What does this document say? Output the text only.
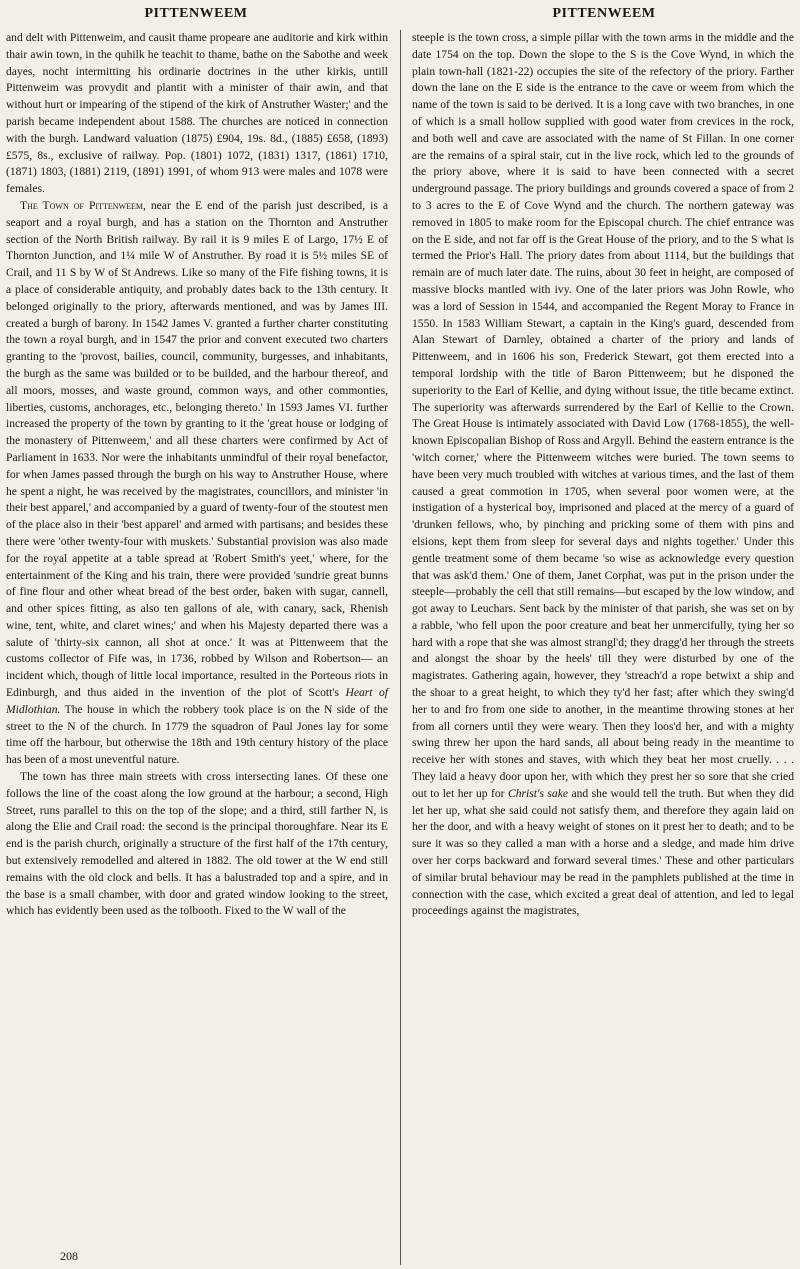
PITTENWEEM	PITTENWEEM

and delt with Pittenweim, and causit thame propeare ane auditorie and kirk within thair awin town, in the quhilk he teachit to thame, bathe on the Sabothe and week dayes, nocht intermitting his ordinarie doctrines in the uther kirkis, untill Pittenweim was provydit and plantit with a minister of thair awin, and that without hurt or impearing of the stipend of the kirk of Anstruther Waster;' and the parish became independent about 1588. The churches are noticed in connection with the burgh. Landward valuation (1875) £904, 19s. 8d., (1885) £658, (1893) £575, 8s., exclusive of railway. Pop. (1801) 1072, (1831) 1317, (1861) 1710, (1871) 1803, (1881) 2119, (1891) 1991, of whom 913 were males and 1078 were females.

The Town of Pittenweem, near the E end of the parish just described, is a seaport and a royal burgh, and has a station on the Thornton and Anstruther section of the North British railway. By rail it is 9 miles E of Largo, 17½ E of Thornton Junction, and 1¼ mile W of Anstruther. By road it is 5½ miles SE of Crail, and 11 S by W of St Andrews. Like so many of the Fife fishing towns, it is a place of considerable antiquity, and probably dates back to the 13th century. It belonged originally to the priory, afterwards mentioned, and was by James III. created a burgh of barony. In 1542 James V. granted a further charter constituting the town a royal burgh, and in 1547 the prior and convent executed two charters granting to the 'provost, bailies, council, community, burgesses, and inhabitants, the burgh as the same was builded or to be builded, and the harbour thereof, and all moors, mosses, and waste ground, common ways, and other commonties, liberties, customs, anchorages, etc., belonging thereto.' In 1593 James VI. further increased the property of the town by granting to it the 'great house or lodging of the monastery of Pittenweem,' and all these charters were confirmed by Act of Parliament in 1633. Nor were the inhabitants unmindful of their royal benefactor, for when James passed through the burgh on his way to Anstruther House, where he spent a night, he was received by the magistrates, councillors, and minister 'in their best apparel,' and accompanied by a guard of twenty-four of the stoutest men of the place also in their 'best apparel' and armed with partisans; and besides these there were 'other twenty-four with muskets.' Substantial provision was also made for the royal appetite at a table spread at 'Robert Smith's yeet,' where, for the entertainment of the King and his train, there were provided 'sundrie great bunns of fine flour and other wheat bread of the best order, baken with sugar, cannell, and other spices fitting, as also ten gallons of ale, with canary, sack, Rhenish wine, tent, white, and claret wines;' and when his Majesty departed there was a salute of 'thirty-six cannon, all shot at once.' It was at Pittenweem that the customs collector of Fife was, in 1736, robbed by Wilson and Robertson— an incident which, though of little local importance, resulted in the Porteous riots in Edinburgh, and thus aided in the invention of the plot of Scott's Heart of Midlothian. The house in which the robbery took place is on the N side of the street to the N of the church. In 1779 the squadron of Paul Jones lay for some time off the harbour, but otherwise the 18th and 19th century history of the place has been of a most uneventful nature.

The town has three main streets with cross intersecting lanes. Of these one follows the line of the coast along the low ground at the harbour; a second, High Street, runs parallel to this on the top of the slope; and a third, still farther N, is along the Elie and Crail road: the second is the principal thoroughfare. Near its E end is the parish church, originally a structure of the first half of the 17th century, but extensively remodelled and altered in 1882. The old tower at the W end still remains with the old clock and bells. It has a balustraded top and a spire, and in the base is a small chamber, with door and grated window looking to the street, which has evidently been used as the tolbooth. Fixed to the W wall of the

steeple is the town cross, a simple pillar with the town arms in the middle and the date 1754 on the top. Down the slope to the S is the Cove Wynd, in which the plain town-hall (1821-22) occupies the site of the refectory of the priory. Farther down the lane on the E side is the entrance to the cave or weem from which the name of the town is said to be derived. It is a long cave with two branches, in one of which is a small hollow supplied with good water from crevices in the rock, and both well and cave are associated with the name of St Fillan. In one corner are the remains of a spiral stair, cut in the live rock, which led to the grounds of the priory above, where it is said to have been connected with a secret underground passage. The priory buildings and grounds covered a space of from 2 to 3 acres to the E of Cove Wynd and the church. The northern gateway was removed in 1805 to make room for the Episcopal church. The chief entrance was on the E side, and not far off is the Great House of the priory, and to the S what is termed the Prior's Hall. The priory dates from about 1114, but the buildings that remain are of much later date. The ruins, about 30 feet in height, are composed of massive blocks mantled with ivy. One of the later priors was John Rowle, who was a lord of Session in 1544, and accompanied the Regent Moray to France in 1550. In 1583 William Stewart, a captain in the King's guard, descended from Alan Stewart of Darnley, obtained a charter of the priory and lands of Pittenweem, and in 1606 his son, Frederick Stewart, got them erected into a temporal lordship with the title of Baron Pittenweem; but he disponed the superiority to the Earl of Kellie, and dying without issue, the title became extinct. The superiority was afterwards surrendered by the Earl of Kellie to the Crown. The Great House is intimately associated with David Low (1768-1855), the well-known Episcopalian Bishop of Ross and Argyll. Behind the eastern entrance is the 'witch corner,' where the Pittenweem witches were buried. The town seems to have been very much troubled with witches at various times, and the last of them caused a great commotion in 1705, when several poor women were, at the instigation of a hysterical boy, imprisoned and placed at the mercy of a guard of 'drunken fellows, who, by pinching and pricking some of them with pins and elsions, kept them from sleep for several days and nights together.' Under this gentle treatment some of them became 'so wise as acknowledge every question that was ask'd them.' One of them, Janet Corphat, was put in the prison under the steeple—probably the cell that still remains—but escaped by the low window, and got away to Leuchars. Sent back by the minister of that parish, she was set on by a rabble, 'who fell upon the poor creature and beat her unmercifully, tying her so hard with a rope that she was almost strangl'd; they dragg'd her through the streets and alongst the shoar by the heels' till they were disturbed by one of the magistrates. Gathering again, however, they 'streach'd a rope betwixt a ship and the shoar to a great height, to which they ty'd her fast; after which they swing'd her to and fro from one side to another, in the meantime throwing stones at her from all corners until they were weary. Then they loos'd her, and with a mighty swing threw her upon the hard sands, all about being ready in the meantime to receive her with stones and staves, with which they beat her most cruelly. . . . They laid a heavy door upon her, with which they prest her so sore that she cried out to let her up for Christ's sake and she would tell the truth. But when they did let her up, what she said could not satisfy them, and therefore they again laid on her the door, and with a heavy weight of stones on it prest her to death; and to be sure it was so they called a man with a horse and a sledge, and made him drive over her corps backward and forward several times.' These and other particulars of similar brutal behaviour may be read in the pamphlets published at the time in connection with the case, which excited a great deal of attention, and led to legal proceedings against the magistrates,

208
